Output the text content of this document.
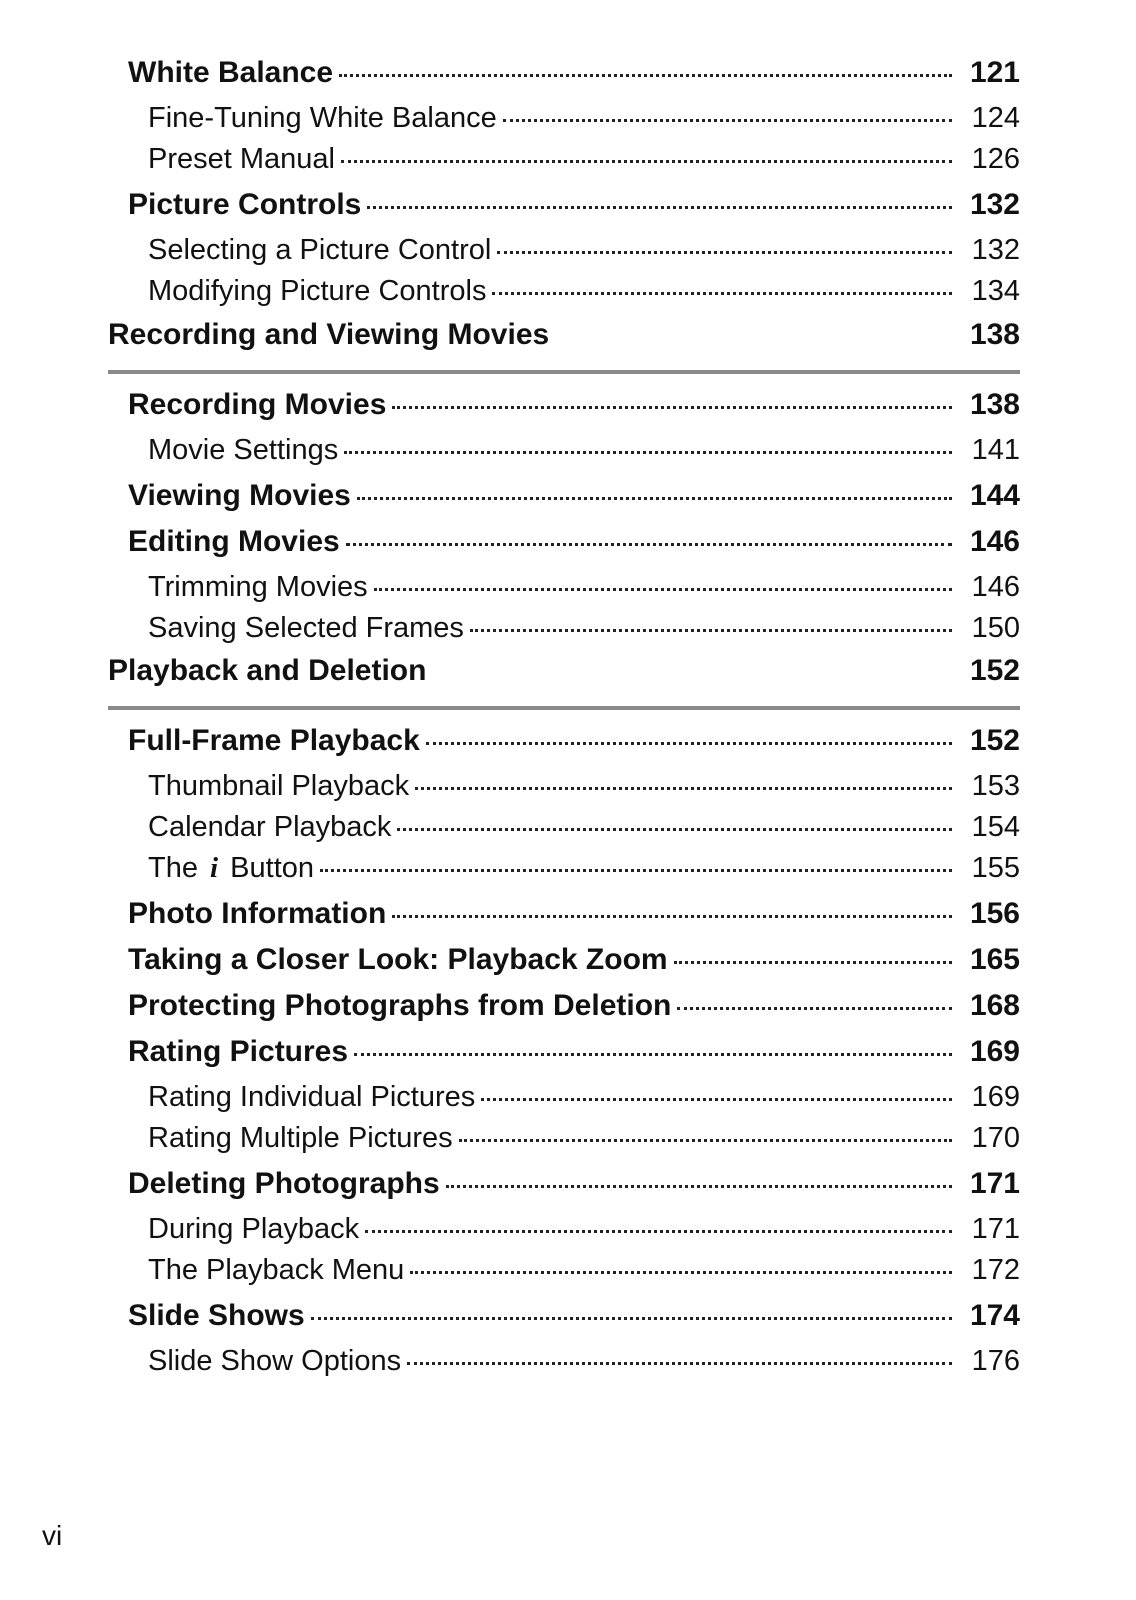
White Balance	121
Fine-Tuning White Balance	124
Preset Manual	126
Picture Controls	132
Selecting a Picture Control	132
Modifying Picture Controls	134
Recording and Viewing Movies	138
Recording Movies	138
Movie Settings	141
Viewing Movies	144
Editing Movies	146
Trimming Movies	146
Saving Selected Frames	150
Playback and Deletion	152
Full-Frame Playback	152
Thumbnail Playback	153
Calendar Playback	154
The i Button	155
Photo Information	156
Taking a Closer Look: Playback Zoom	165
Protecting Photographs from Deletion	168
Rating Pictures	169
Rating Individual Pictures	169
Rating Multiple Pictures	170
Deleting Photographs	171
During Playback	171
The Playback Menu	172
Slide Shows	174
Slide Show Options	176
vi
